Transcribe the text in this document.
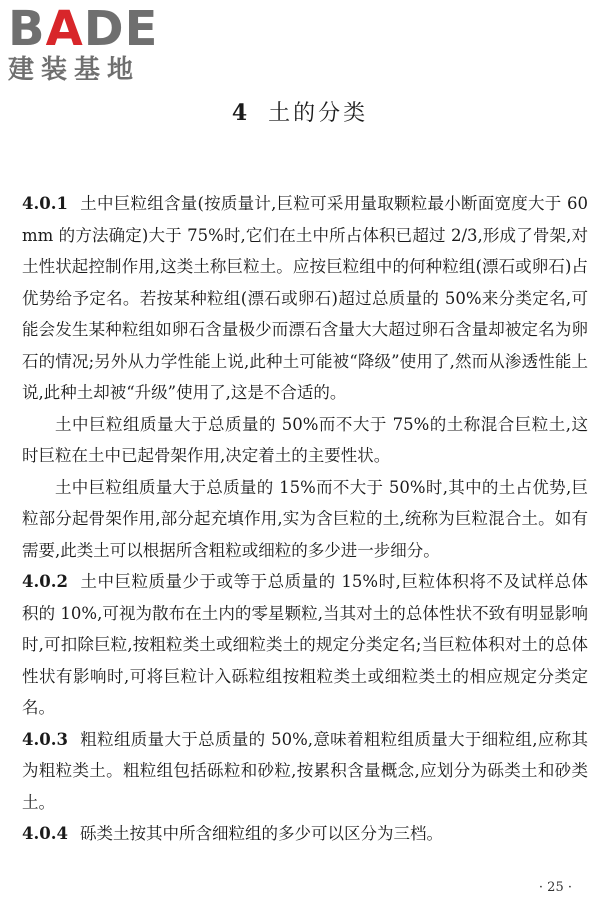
BADE
建装基地
4 土的分类

4.0.1 土中巨粒组含量(按质量计,巨粒可采用量取颗粒最小断面宽度大于 60mm 的方法确定)大于 75%时,它们在土中所占体积已超过 2/3,形成了骨架,对土性状起控制作用,这类土称巨粒土。应按巨粒组中的何种粒组(漂石或卵石)占优势给予定名。若按某种粒组(漂石或卵石)超过总质量的 50%来分类定名,可能会发生某种粒组如卵石含量极少而漂石含量大大超过卵石含量却被定名为卵石的情况;另外从力学性能上说,此种土可能被“降级”使用了,然而从渗透性能上说,此种土却被“升级”使用了,这是不合适的。

土中巨粒组质量大于总质量的 50%而不大于 75%的土称混合巨粒土,这时巨粒在土中已起骨架作用,决定着土的主要性状。

土中巨粒组质量大于总质量的 15%而不大于 50%时,其中的土占优势,巨粒部分起骨架作用,部分起充填作用,实为含巨粒的土,统称为巨粒混合土。如有需要,此类土可以根据所含粗粒或细粒的多少进一步细分。

4.0.2 土中巨粒质量少于或等于总质量的 15%时,巨粒体积将不及试样总体积的 10%,可视为散布在土内的零星颗粒,当其对土的总体性状不致有明显影响时,可扣除巨粒,按粗粒类土或细粒类土的规定分类定名;当巨粒体积对土的总体性状有影响时,可将巨粒计入砾粒组按粗粒类土或细粒类土的相应规定分类定名。

4.0.3 粗粒组质量大于总质量的 50%,意味着粗粒组质量大于细粒组,应称其为粗粒类土。粗粒组包括砾粒和砂粒,按累积含量概念,应划分为砾类土和砂类土。

4.0.4 砾类土按其中所含细粒组的多少可以区分为三档。

· 25 ·
